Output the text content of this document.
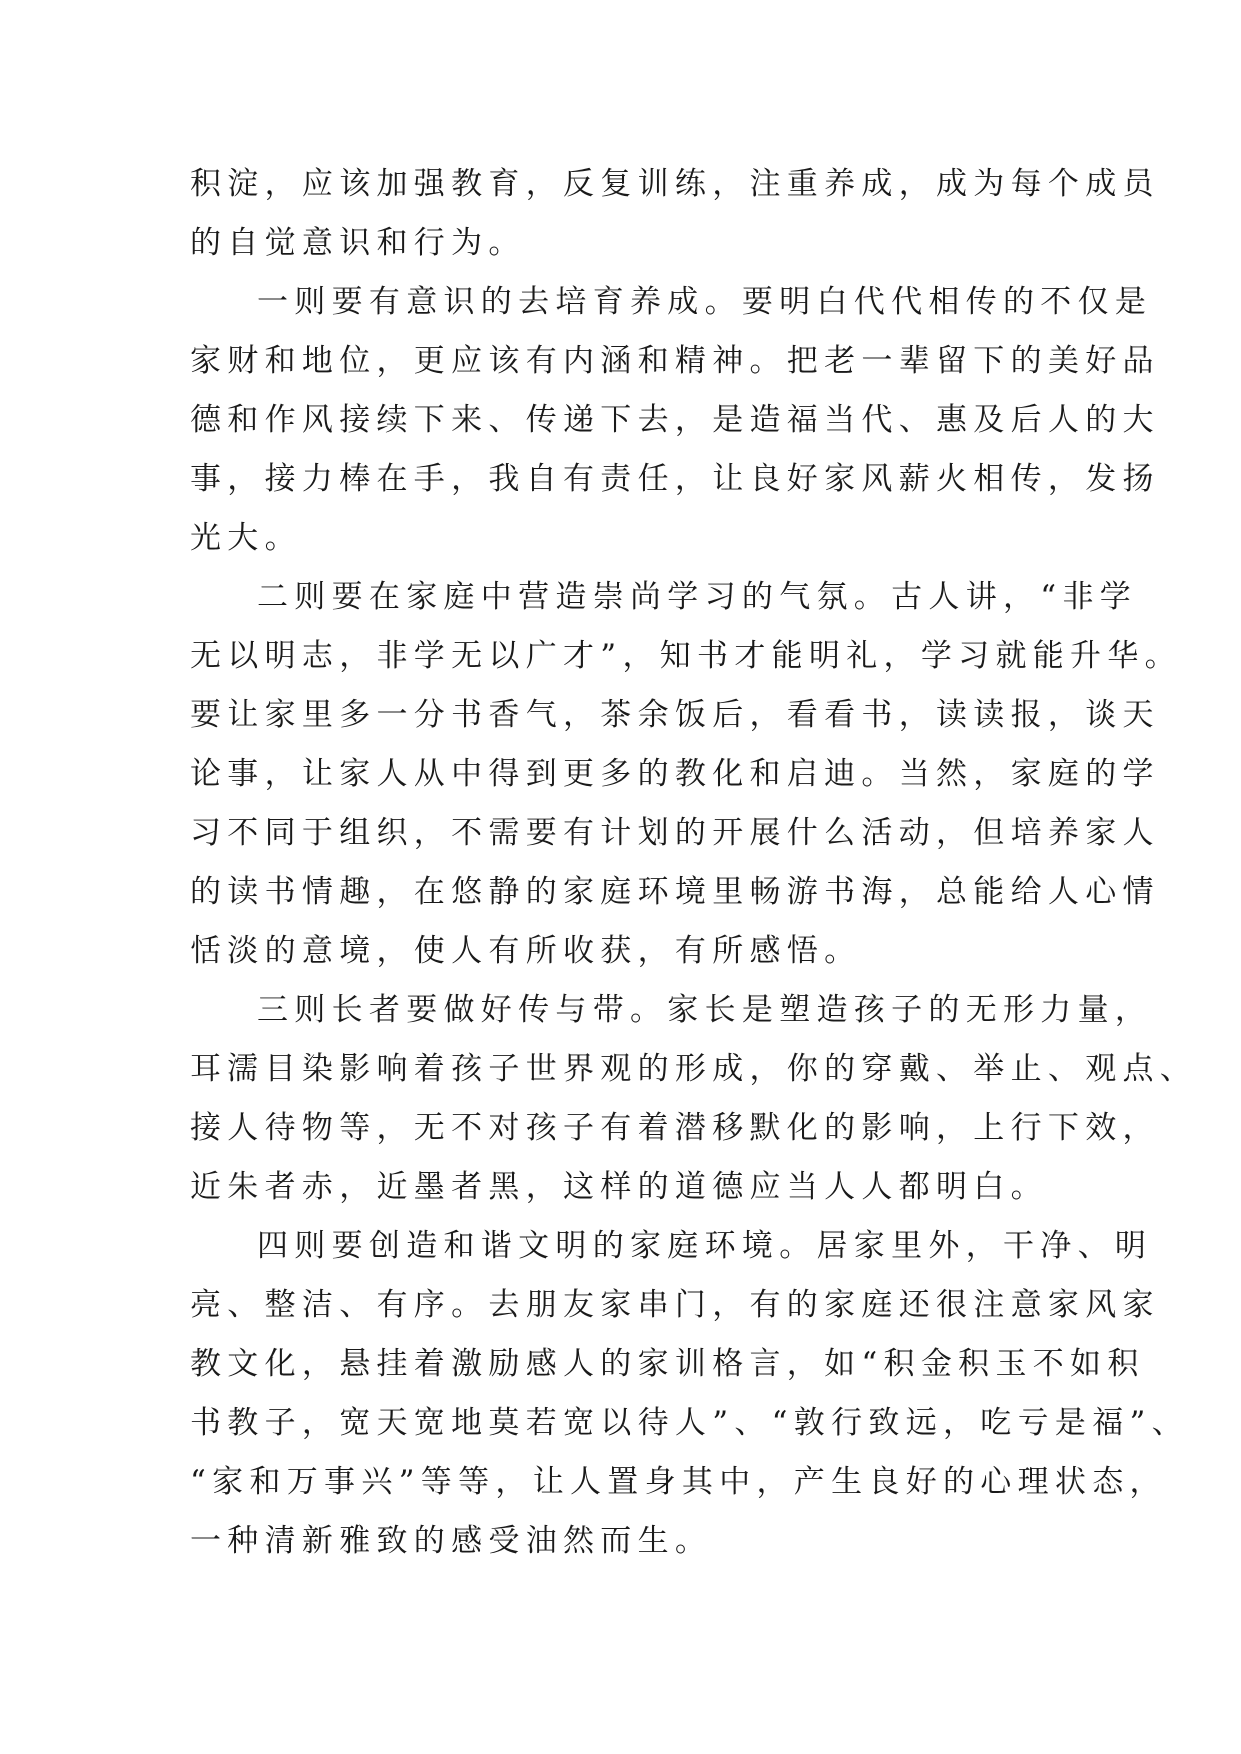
积淀，应该加强教育，反复训练，注重养成，成为每个成员
的自觉意识和行为。
一则要有意识的去培育养成。要明白代代相传的不仅是
家财和地位，更应该有内涵和精神。把老一辈留下的美好品
德和作风接续下来、传递下去，是造福当代、惠及后人的大
事，接力棒在手，我自有责任，让良好家风薪火相传，发扬
光大。
二则要在家庭中营造崇尚学习的气氛。古人讲，“非学
无以明志，非学无以广才”，知书才能明礼，学习就能升华。
要让家里多一分书香气，茶余饭后，看看书，读读报，谈天
论事，让家人从中得到更多的教化和启迪。当然，家庭的学
习不同于组织，不需要有计划的开展什么活动，但培养家人
的读书情趣，在悠静的家庭环境里畅游书海，总能给人心情
恬淡的意境，使人有所收获，有所感悟。
三则长者要做好传与带。家长是塑造孩子的无形力量，
耳濡目染影响着孩子世界观的形成，你的穿戴、举止、观点、
接人待物等，无不对孩子有着潜移默化的影响，上行下效，
近朱者赤，近墨者黑，这样的道德应当人人都明白。
四则要创造和谐文明的家庭环境。居家里外，干净、明
亮、整洁、有序。去朋友家串门，有的家庭还很注意家风家
教文化，悬挂着激励感人的家训格言，如“积金积玉不如积
书教子，宽天宽地莫若宽以待人”、“敦行致远，吃亏是福”、
“家和万事兴”等等，让人置身其中，产生良好的心理状态，
一种清新雅致的感受油然而生。
